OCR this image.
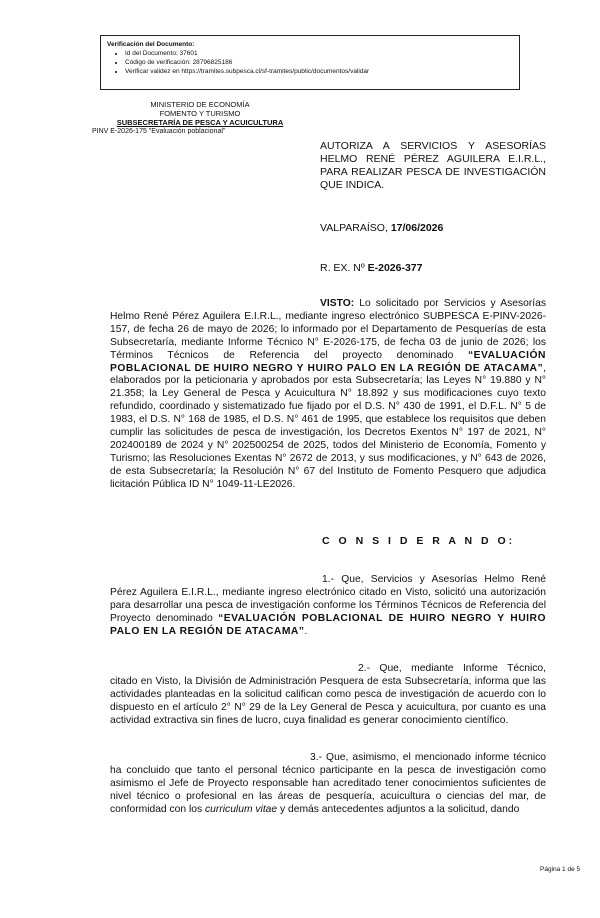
Verificación del Documento:
• Id del Documento: 37601
• Código de verificación: 28796825186
• Verificar validez en https://tramites.subpesca.cl/sf-tramites/public/documentos/validar
MINISTERIO DE ECONOMÍA
FOMENTO Y TURISMO
SUBSECRETARÍA DE PESCA Y ACUICULTURA
PINV E-2026-175 "Evaluación poblacional"
AUTORIZA A SERVICIOS Y ASESORÍAS HELMO RENÉ PÉREZ AGUILERA E.I.R.L., PARA REALIZAR PESCA DE INVESTIGACIÓN QUE INDICA.
VALPARAÍSO, 17/06/2026
R. EX. Nº E-2026-377
VISTO: Lo solicitado por Servicios y Asesorías Helmo René Pérez Aguilera E.I.R.L., mediante ingreso electrónico SUBPESCA E-PINV-2026-157, de fecha 26 de mayo de 2026; lo informado por el Departamento de Pesquerías de esta Subsecretaría, mediante Informe Técnico N° E-2026-175, de fecha 03 de junio de 2026; los Términos Técnicos de Referencia del proyecto denominado “EVALUACIÓN POBLACIONAL DE HUIRO NEGRO Y HUIRO PALO EN LA REGIÓN DE ATACAMA”, elaborados por la peticionaria y aprobados por esta Subsecretaría; las Leyes N° 19.880 y N° 21.358; la Ley General de Pesca y Acuicultura N° 18.892 y sus modificaciones cuyo texto refundido, coordinado y sistematizado fue fijado por el D.S. N° 430 de 1991, el D.F.L. N° 5 de 1983, el D.S. N° 168 de 1985, el D.S. N° 461 de 1995, que establece los requisitos que deben cumplir las solicitudes de pesca de investigación, los Decretos Exentos N° 197 de 2021, N° 202400189 de 2024 y N° 202500254 de 2025, todos del Ministerio de Economía, Fomento y Turismo; las Resoluciones Exentas N° 2672 de 2013, y sus modificaciones, y N° 643 de 2026, de esta Subsecretaría; la Resolución N° 67 del Instituto de Fomento Pesquero que adjudica licitación Pública ID N° 1049-11-LE2026.
C O N S I D E R A N D O:
1.- Que, Servicios y Asesorías Helmo René Pérez Aguilera E.I.R.L., mediante ingreso electrónico citado en Visto, solicitó una autorización para desarrollar una pesca de investigación conforme los Términos Técnicos de Referencia del Proyecto denominado “EVALUACIÓN POBLACIONAL DE HUIRO NEGRO Y HUIRO PALO EN LA REGIÓN DE ATACAMA”.
2.- Que, mediante Informe Técnico, citado en Visto, la División de Administración Pesquera de esta Subsecretaría, informa que las actividades planteadas en la solicitud califican como pesca de investigación de acuerdo con lo dispuesto en el artículo 2° N° 29 de la Ley General de Pesca y acuicultura, por cuanto es una actividad extractiva sin fines de lucro, cuya finalidad es generar conocimiento científico.
3.- Que, asimismo, el mencionado informe técnico ha concluido que tanto el personal técnico participante en la pesca de investigación como asimismo el Jefe de Proyecto responsable han acreditado tener conocimientos suficientes de nivel técnico o profesional en las áreas de pesquería, acuicultura o ciencias del mar, de conformidad con los curriculum vitae y demás antecedentes adjuntos a la solicitud, dando
Página 1 de 5
